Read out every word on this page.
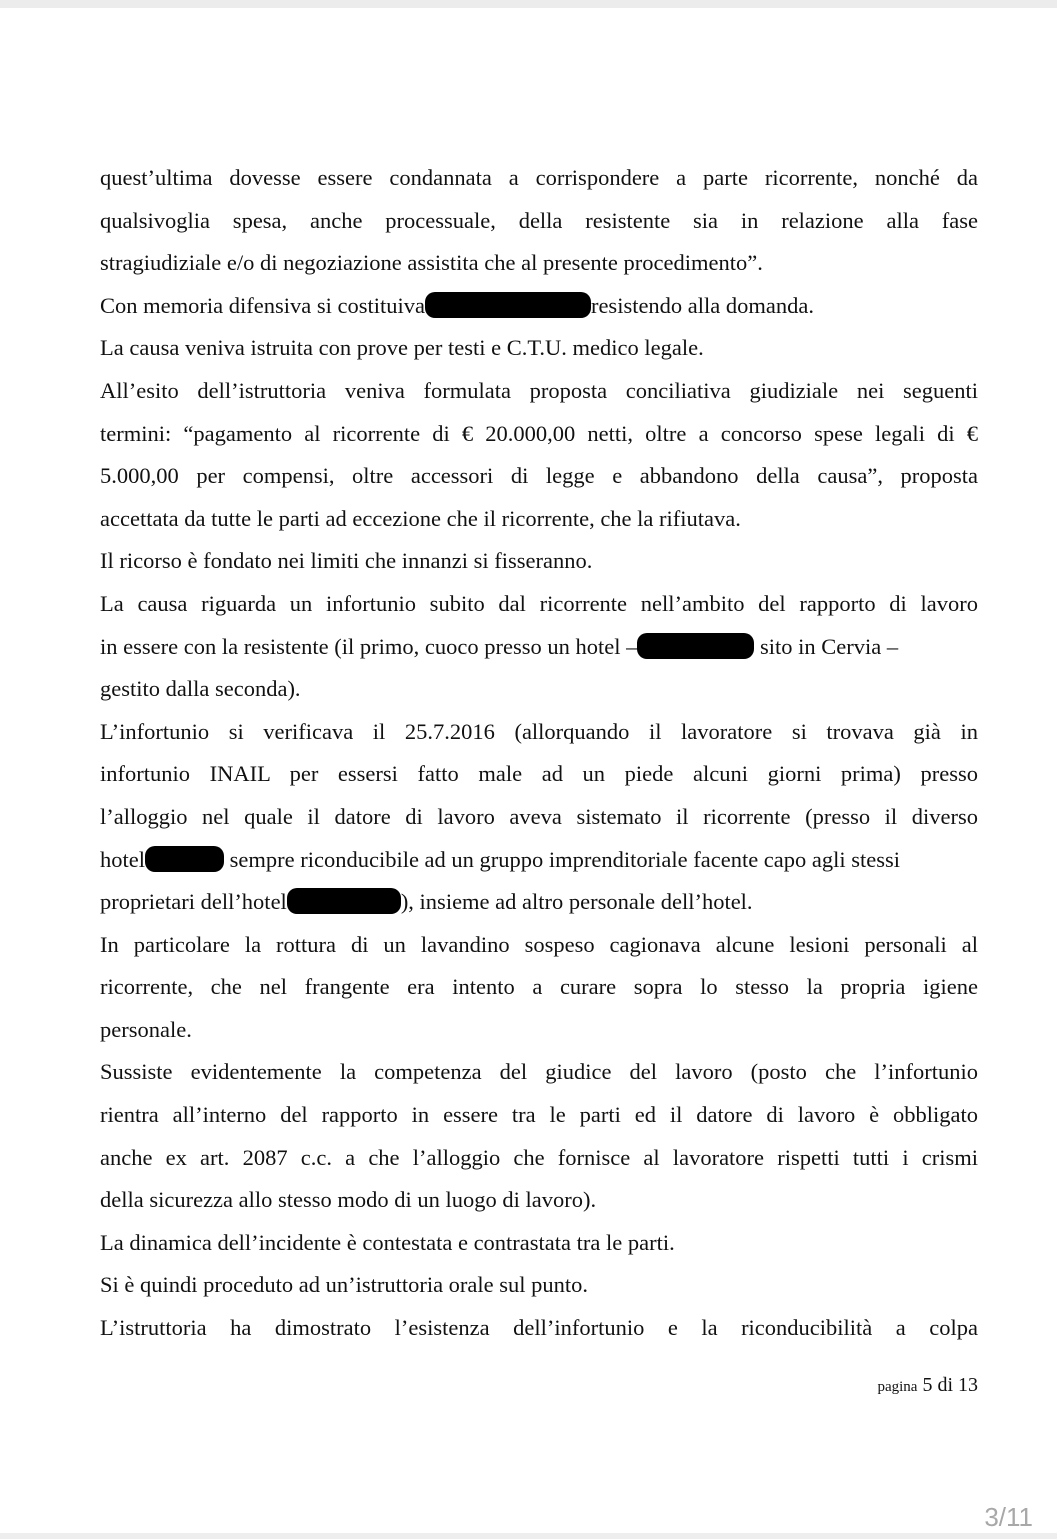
quest’ultima dovesse essere condannata a corrispondere a parte ricorrente, nonché da
qualsivoglia spesa, anche processuale, della resistente sia in relazione alla fase
stragiudiziale e/o di negoziazione assistita che al presente procedimento”.
Con memoria difensiva si costituiva	resistendo alla domanda.
La causa veniva istruita con prove per testi e C.T.U. medico legale.
All’esito dell’istruttoria veniva formulata proposta conciliativa giudiziale nei seguenti
termini: “pagamento al ricorrente di € 20.000,00 netti, oltre a concorso spese legali di €
5.000,00 per compensi, oltre accessori di legge e abbandono della causa”, proposta
accettata da tutte le parti ad eccezione che il ricorrente, che la rifiutava.
Il ricorso è fondato nei limiti che innanzi si fisseranno.
La causa riguarda un infortunio subito dal ricorrente nell’ambito del rapporto di lavoro
in essere con la resistente (il primo, cuoco presso un hotel –	sito in Cervia –
gestito dalla seconda).
L’infortunio si verificava il 25.7.2016 (allorquando il lavoratore si trovava già in
infortunio INAIL per essersi fatto male ad un piede alcuni giorni prima) presso
l’alloggio nel quale il datore di lavoro aveva sistemato il ricorrente (presso il diverso
hotel	sempre riconducibile ad un gruppo imprenditoriale facente capo agli stessi
proprietari dell’hotel	), insieme ad altro personale dell’hotel.
In particolare la rottura di un lavandino sospeso cagionava alcune lesioni personali al
ricorrente, che nel frangente era intento a curare sopra lo stesso la propria igiene
personale.
Sussiste evidentemente la competenza del giudice del lavoro (posto che l’infortunio
rientra all’interno del rapporto in essere tra le parti ed il datore di lavoro è obbligato
anche ex art. 2087 c.c. a che l’alloggio che fornisce al lavoratore rispetti tutti i crismi
della sicurezza allo stesso modo di un luogo di lavoro).
La dinamica dell’incidente è contestata e contrastata tra le parti.
Si è quindi proceduto ad un’istruttoria orale sul punto.
L’istruttoria ha dimostrato l’esistenza dell’infortunio e la riconducibilità a colpa
pagina 5 di 13
3/11
